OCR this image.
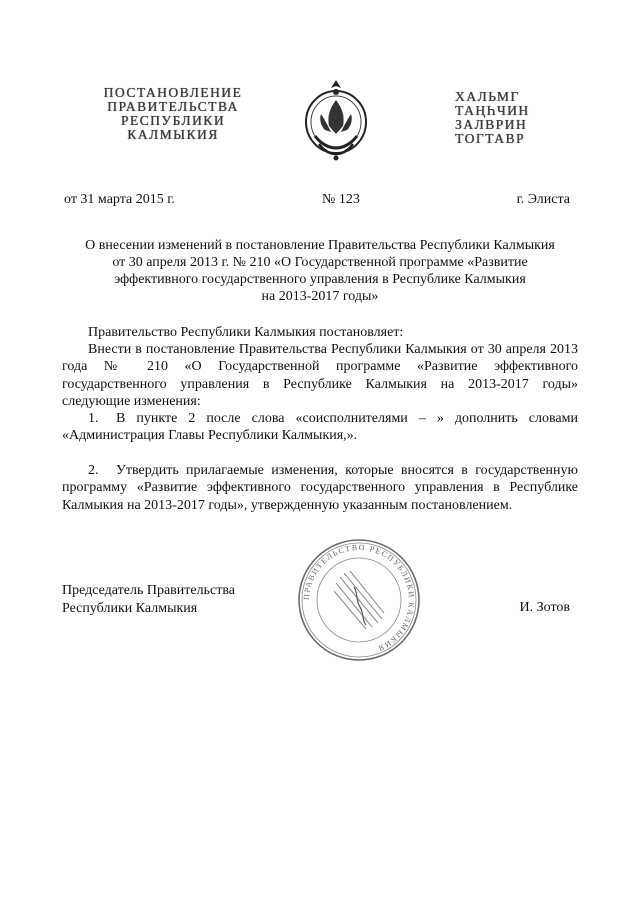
ПОСТАНОВЛЕНИЕ
ПРАВИТЕЛЬСТВА
РЕСПУБЛИКИ
КАЛМЫКИЯ
ХАЛЬМГ
ТАҢҺЧИН
ЗАЛВРИН
ТОГТАВР
от 31 марта 2015 г.	№ 123	г. Элиста
О внесении изменений в постановление Правительства Республики Калмыкия
от 30 апреля 2013 г. № 210 «О Государственной программе «Развитие
эффективного государственного управления в Республике Калмыкия
на 2013-2017 годы»
Правительство Республики Калмыкия постановляет:
Внести в постановление Правительства Республики Калмыкия от 30 апреля 2013 года № 210 «О Государственной программе «Развитие эффективного государственного управления в Республике Калмыкия на 2013-2017 годы» следующие изменения:
1. В пункте 2 после слова «соисполнителями – » дополнить словами «Администрация Главы Республики Калмыкия,».
2. Утвердить прилагаемые изменения, которые вносятся в государственную программу «Развитие эффективного государственного управления в Республике Калмыкия на 2013-2017 годы», утвержденную указанным постановлением.
Председатель Правительства
Республики Калмыкия
ПРАВИТЕЛЬСТВО РЕСПУБЛИКИ КАЛМЫКИЯ
И. Зотов
